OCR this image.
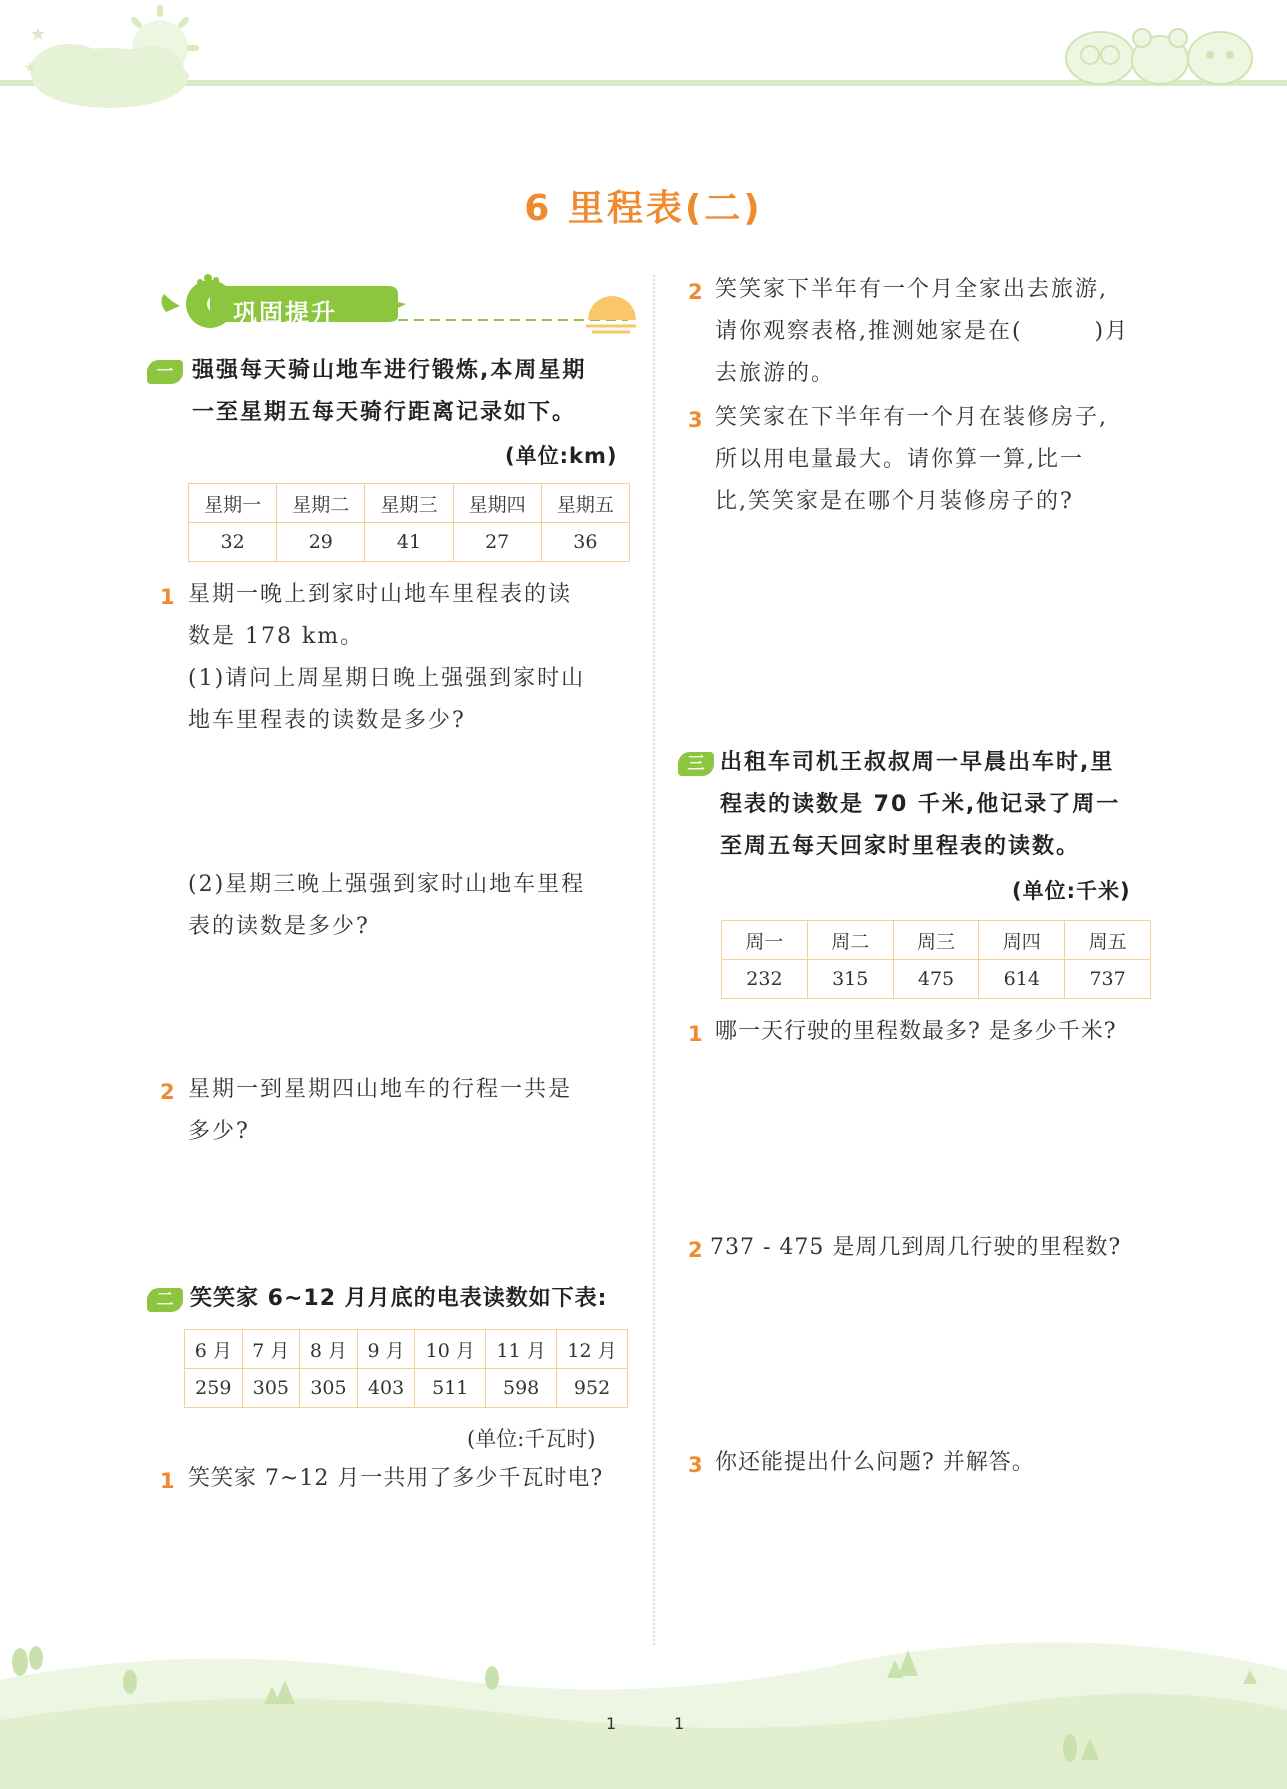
★
★
6 里程表(二)
巩固提升
一 强强每天骑山地车进行锻炼,本周星期
一至星期五每天骑行距离记录如下。
(单位:km)
星期一	星期二	星期三	星期四	星期五
32	29	41	27	36
1 星期一晚上到家时山地车里程表的读
数是 178 km。
(1)请问上周星期日晚上强强到家时山
地车里程表的读数是多少?
(2)星期三晚上强强到家时山地车里程
表的读数是多少?
2 星期一到星期四山地车的行程一共是
多少?
二 笑笑家 6~12 月月底的电表读数如下表:
6 月	7 月	8 月	9 月	10 月	11 月	12 月
259	305	305	403	511	598	952
(单位:千瓦时)
1 笑笑家 7~12 月一共用了多少千瓦时电?
2 笑笑家下半年有一个月全家出去旅游,
请你观察表格,推测她家是在(        )月
去旅游的。
3 笑笑家在下半年有一个月在装修房子,
所以用电量最大。请你算一算,比一
比,笑笑家是在哪个月装修房子的?
三 出租车司机王叔叔周一早晨出车时,里
程表的读数是 70 千米,他记录了周一
至周五每天回家时里程表的读数。
(单位:千米)
周一	周二	周三	周四	周五
232	315	475	614	737
1 哪一天行驶的里程数最多? 是多少千米?
2 737 - 475 是周几到周几行驶的里程数?
3 你还能提出什么问题? 并解答。
1	1
